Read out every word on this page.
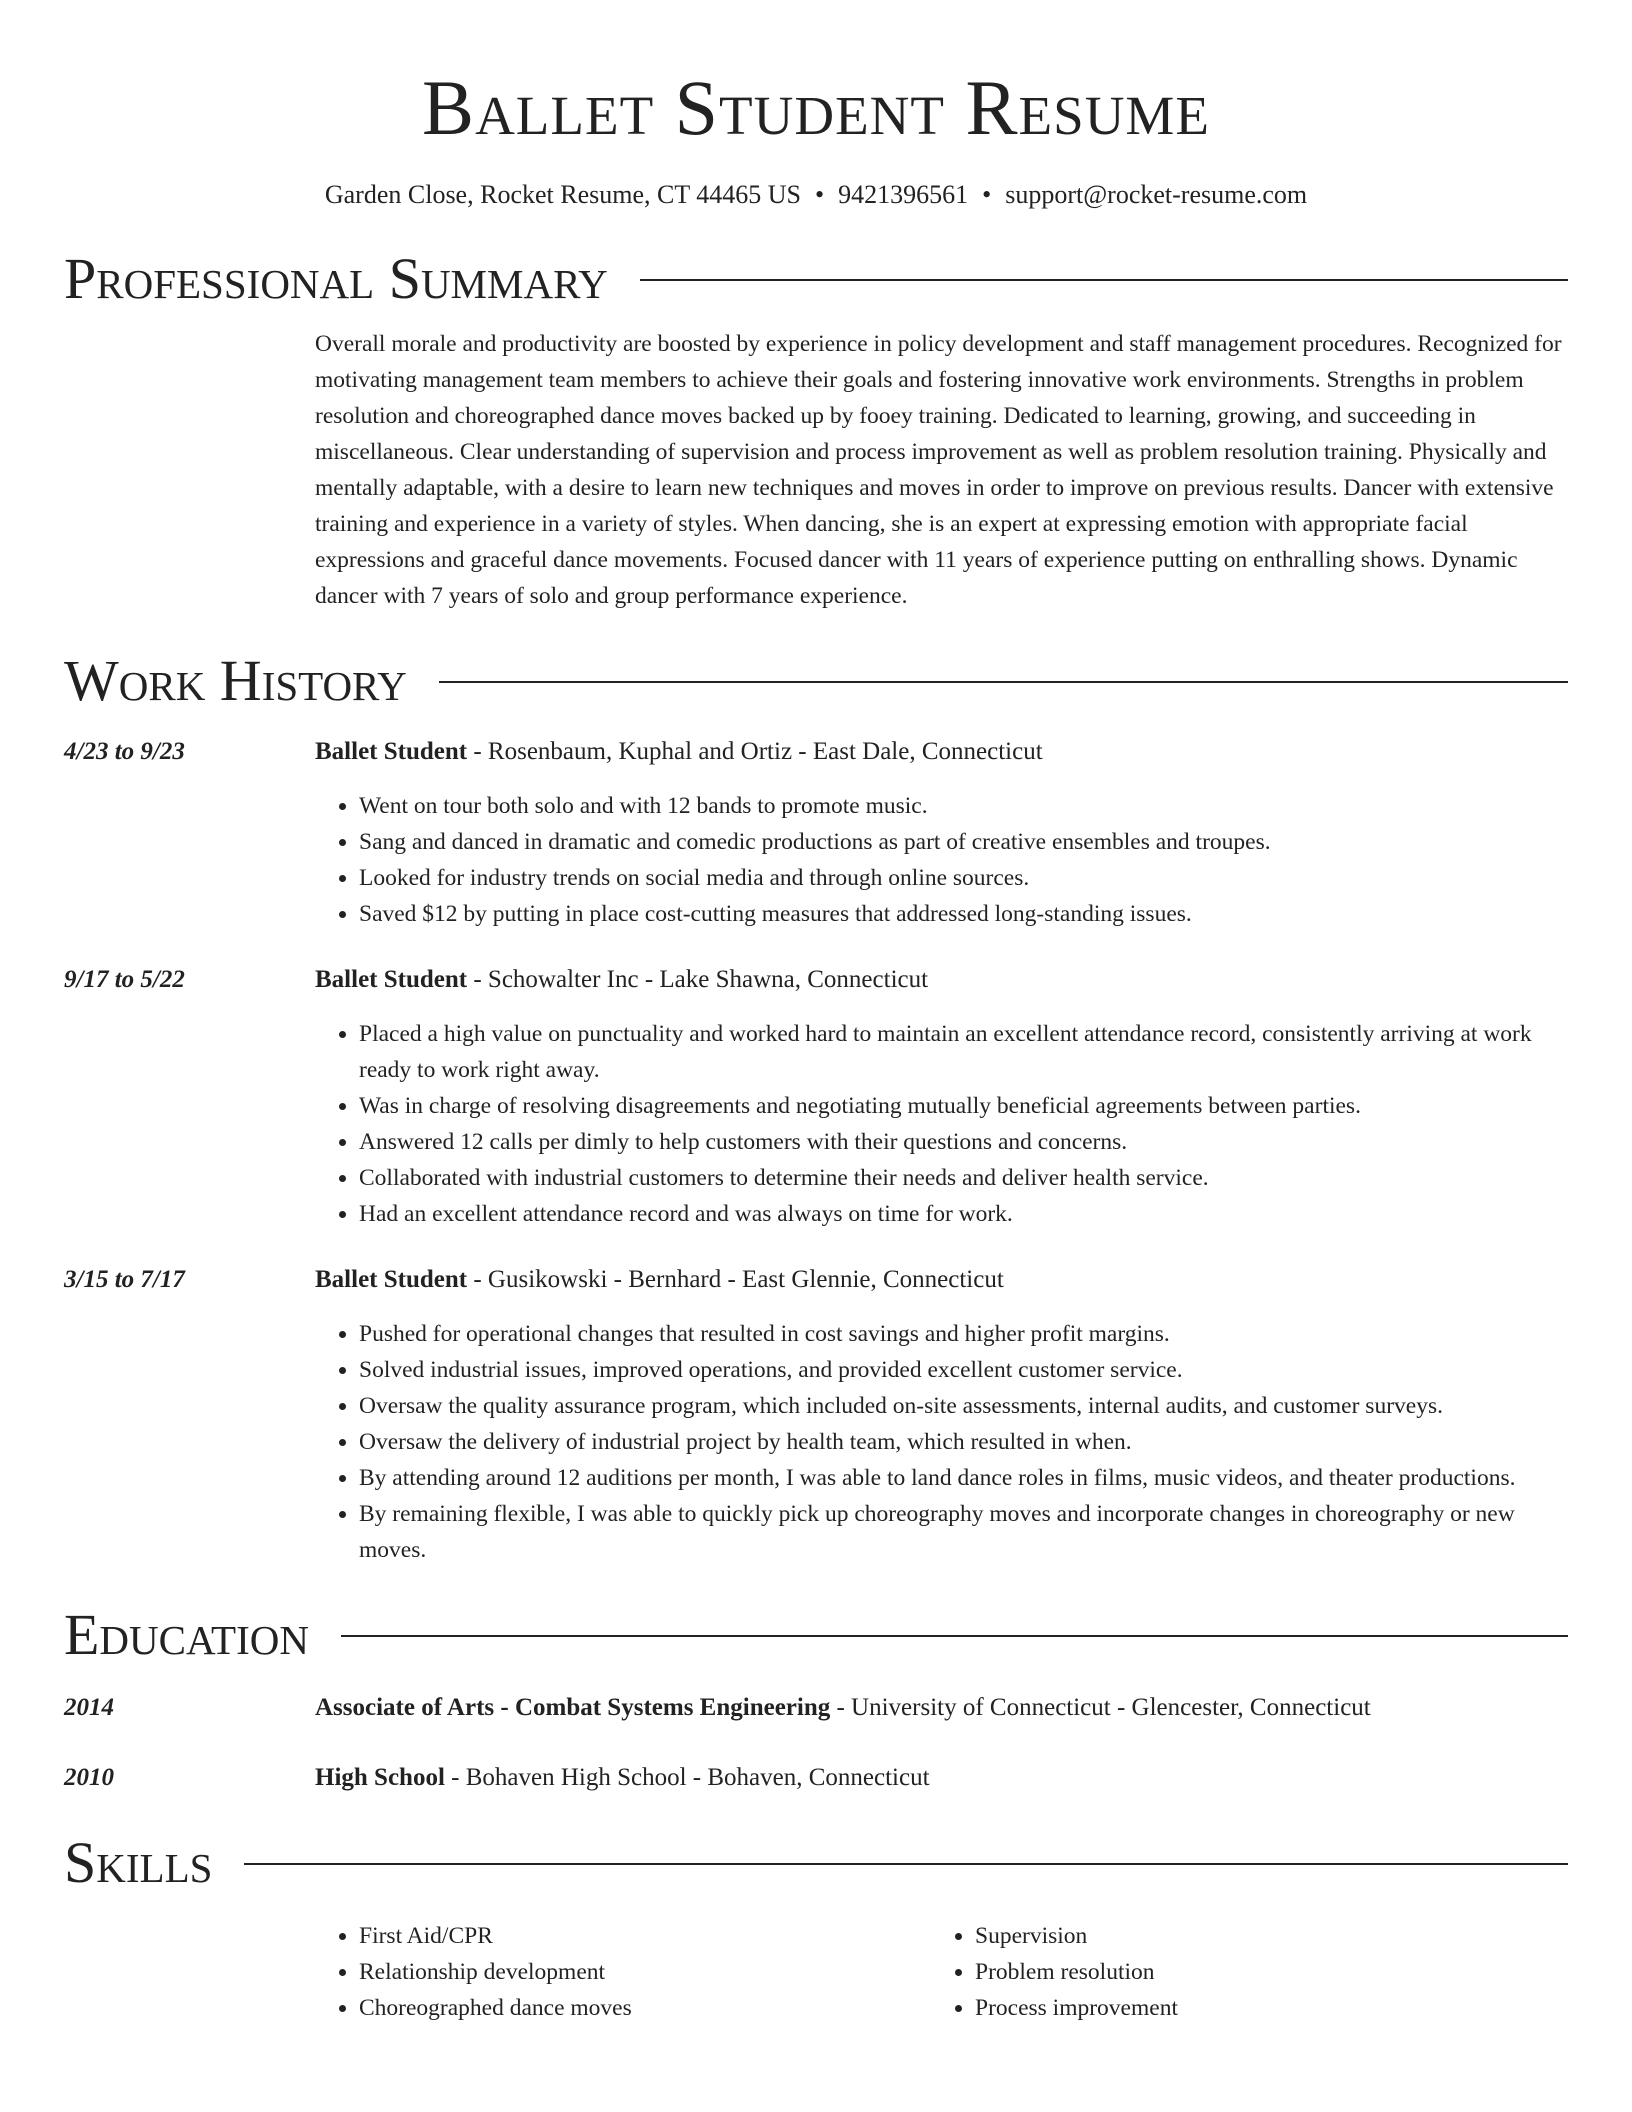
Ballet Student Resume
Garden Close, Rocket Resume, CT 44465 US • 9421396561 • support@rocket-resume.com
Professional Summary
Overall morale and productivity are boosted by experience in policy development and staff management procedures. Recognized for motivating management team members to achieve their goals and fostering innovative work environments. Strengths in problem resolution and choreographed dance moves backed up by fooey training. Dedicated to learning, growing, and succeeding in miscellaneous. Clear understanding of supervision and process improvement as well as problem resolution training. Physically and mentally adaptable, with a desire to learn new techniques and moves in order to improve on previous results. Dancer with extensive training and experience in a variety of styles. When dancing, she is an expert at expressing emotion with appropriate facial expressions and graceful dance movements. Focused dancer with 11 years of experience putting on enthralling shows. Dynamic dancer with 7 years of solo and group performance experience.
Work History
4/23 to 9/23	Ballet Student - Rosenbaum, Kuphal and Ortiz - East Dale, Connecticut
• Went on tour both solo and with 12 bands to promote music.
• Sang and danced in dramatic and comedic productions as part of creative ensembles and troupes.
• Looked for industry trends on social media and through online sources.
• Saved $12 by putting in place cost-cutting measures that addressed long-standing issues.
9/17 to 5/22	Ballet Student - Schowalter Inc - Lake Shawna, Connecticut
• Placed a high value on punctuality and worked hard to maintain an excellent attendance record, consistently arriving at work ready to work right away.
• Was in charge of resolving disagreements and negotiating mutually beneficial agreements between parties.
• Answered 12 calls per dimly to help customers with their questions and concerns.
• Collaborated with industrial customers to determine their needs and deliver health service.
• Had an excellent attendance record and was always on time for work.
3/15 to 7/17	Ballet Student - Gusikowski - Bernhard - East Glennie, Connecticut
• Pushed for operational changes that resulted in cost savings and higher profit margins.
• Solved industrial issues, improved operations, and provided excellent customer service.
• Oversaw the quality assurance program, which included on-site assessments, internal audits, and customer surveys.
• Oversaw the delivery of industrial project by health team, which resulted in when.
• By attending around 12 auditions per month, I was able to land dance roles in films, music videos, and theater productions.
• By remaining flexible, I was able to quickly pick up choreography moves and incorporate changes in choreography or new moves.
Education
2014	Associate of Arts - Combat Systems Engineering - University of Connecticut - Glencester, Connecticut
2010	High School - Bohaven High School - Bohaven, Connecticut
Skills
• First Aid/CPR
• Relationship development
• Choreographed dance moves
• Supervision
• Problem resolution
• Process improvement
